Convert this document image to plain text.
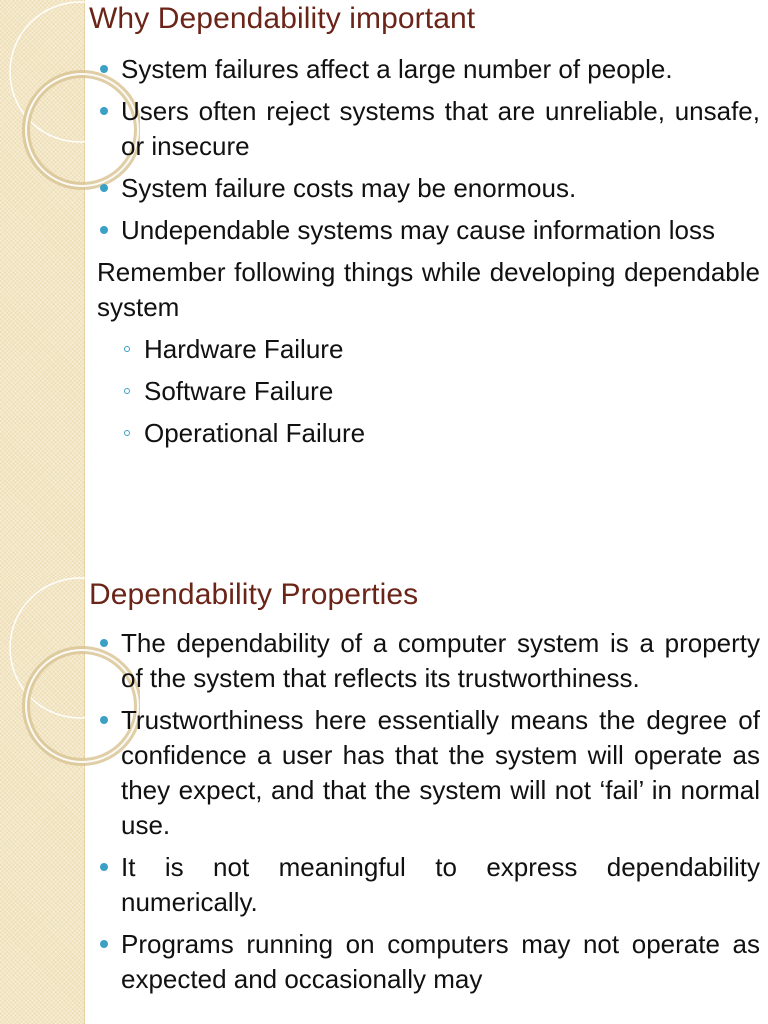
Why Dependability important
System failures affect a large number of people.
Users often reject systems that are unreliable, unsafe, or insecure
System failure costs may be enormous.
Undependable systems may cause information loss

Remember following things while developing dependable system

Hardware Failure
Software Failure
Operational Failure
Dependability Properties
The dependability of a computer system is a property of the system that reflects its trustworthiness.
Trustworthiness here essentially means the degree of confidence a user has that the system will operate as they expect, and that the system will not ‘fail’ in normal use.
It is not meaningful to express dependability numerically.
Programs running on computers may not operate as expected and occasionally may
